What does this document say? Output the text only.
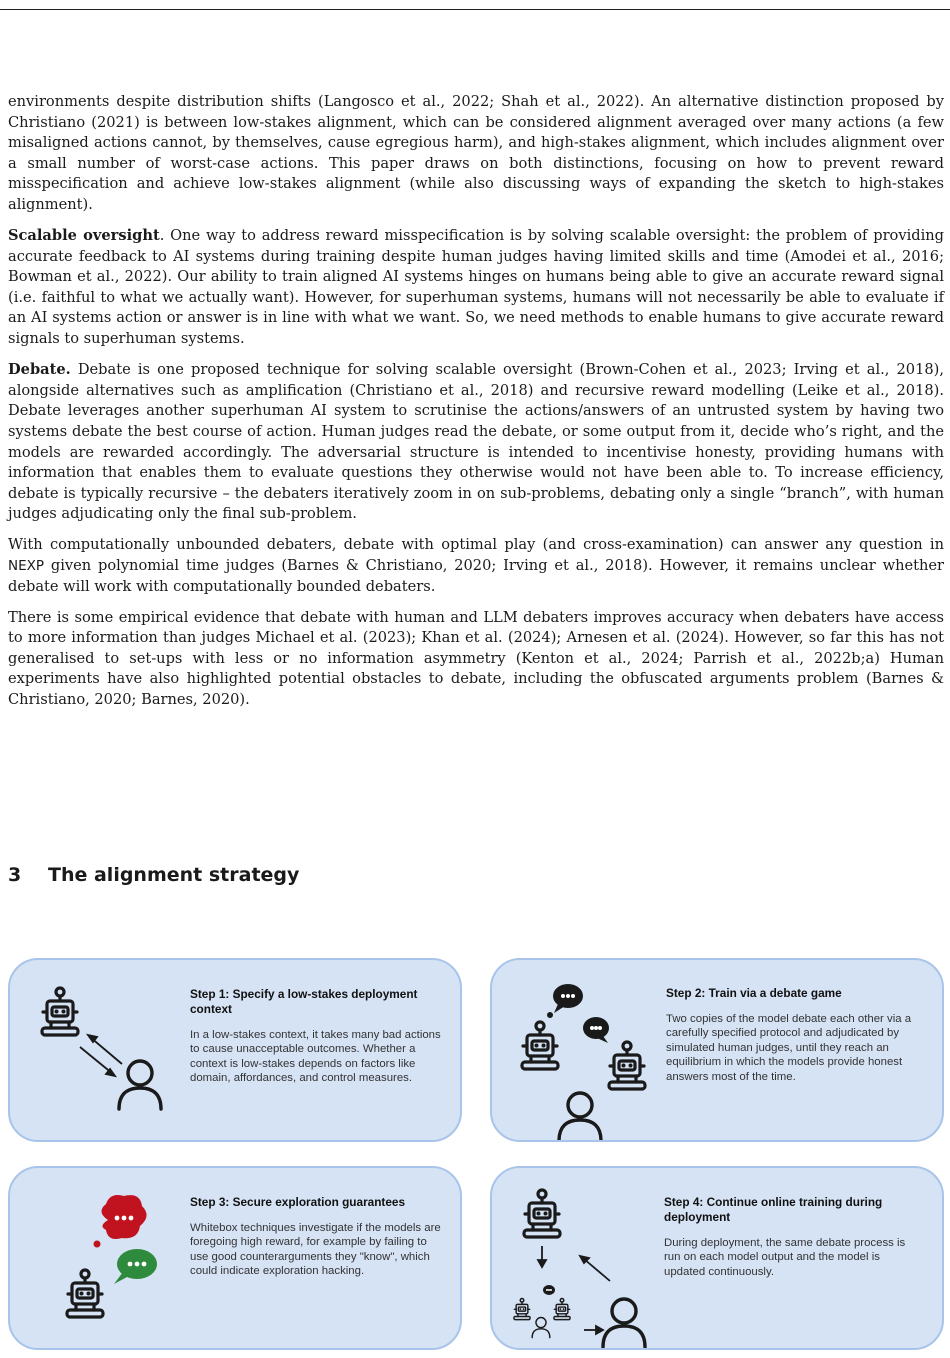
environments despite distribution shifts (Langosco et al., 2022; Shah et al., 2022). An alternative distinction proposed by Christiano (2021) is between low-stakes alignment, which can be considered alignment averaged over many actions (a few misaligned actions cannot, by themselves, cause egregious harm), and high-stakes alignment, which includes alignment over a small number of worst-case actions. This paper draws on both distinctions, focusing on how to prevent reward misspecification and achieve low-stakes alignment (while also discussing ways of expanding the sketch to high-stakes alignment).

Scalable oversight. One way to address reward misspecification is by solving scalable oversight: the problem of providing accurate feedback to AI systems during training despite human judges having limited skills and time (Amodei et al., 2016; Bowman et al., 2022). Our ability to train aligned AI systems hinges on humans being able to give an accurate reward signal (i.e. faithful to what we actually want). However, for superhuman systems, humans will not necessarily be able to evaluate if an AI systems action or answer is in line with what we want. So, we need methods to enable humans to give accurate reward signals to superhuman systems.

Debate. Debate is one proposed technique for solving scalable oversight (Brown-Cohen et al., 2023; Irving et al., 2018), alongside alternatives such as amplification (Christiano et al., 2018) and recursive reward modelling (Leike et al., 2018). Debate leverages another superhuman AI system to scrutinise the actions/answers of an untrusted system by having two systems debate the best course of action. Human judges read the debate, or some output from it, decide who’s right, and the models are rewarded accordingly. The adversarial structure is intended to incentivise honesty, providing humans with information that enables them to evaluate questions they otherwise would not have been able to. To increase efficiency, debate is typically recursive – the debaters iteratively zoom in on sub-problems, debating only a single “branch”, with human judges adjudicating only the final sub-problem.

With computationally unbounded debaters, debate with optimal play (and cross-examination) can answer any question in NEXP given polynomial time judges (Barnes & Christiano, 2020; Irving et al., 2018). However, it remains unclear whether debate will work with computationally bounded debaters.

There is some empirical evidence that debate with human and LLM debaters improves accuracy when debaters have access to more information than judges Michael et al. (2023); Khan et al. (2024); Arnesen et al. (2024). However, so far this has not generalised to set-ups with less or no information asymmetry (Kenton et al., 2024; Parrish et al., 2022b;a) Human experiments have also highlighted potential obstacles to debate, including the obfuscated arguments problem (Barnes & Christiano, 2020; Barnes, 2020).

3 The alignment strategy
Step 1: Specify a low-stakes deployment context
In a low-stakes context, it takes many bad actions to cause unacceptable outcomes. Whether a context is low-stakes depends on factors like domain, affordances, and control measures.
Step 2: Train via a debate game
Two copies of the model debate each other via a carefully specified protocol and adjudicated by simulated human judges, until they reach an equilibrium in which the models provide honest answers most of the time.
Step 3: Secure exploration guarantees
Whitebox techniques investigate if the models are foregoing high reward, for example by failing to use good counterarguments they "know", which could indicate exploration hacking.
Step 4: Continue online training during deployment
During deployment, the same debate process is run on each model output and the model is updated continuously.
